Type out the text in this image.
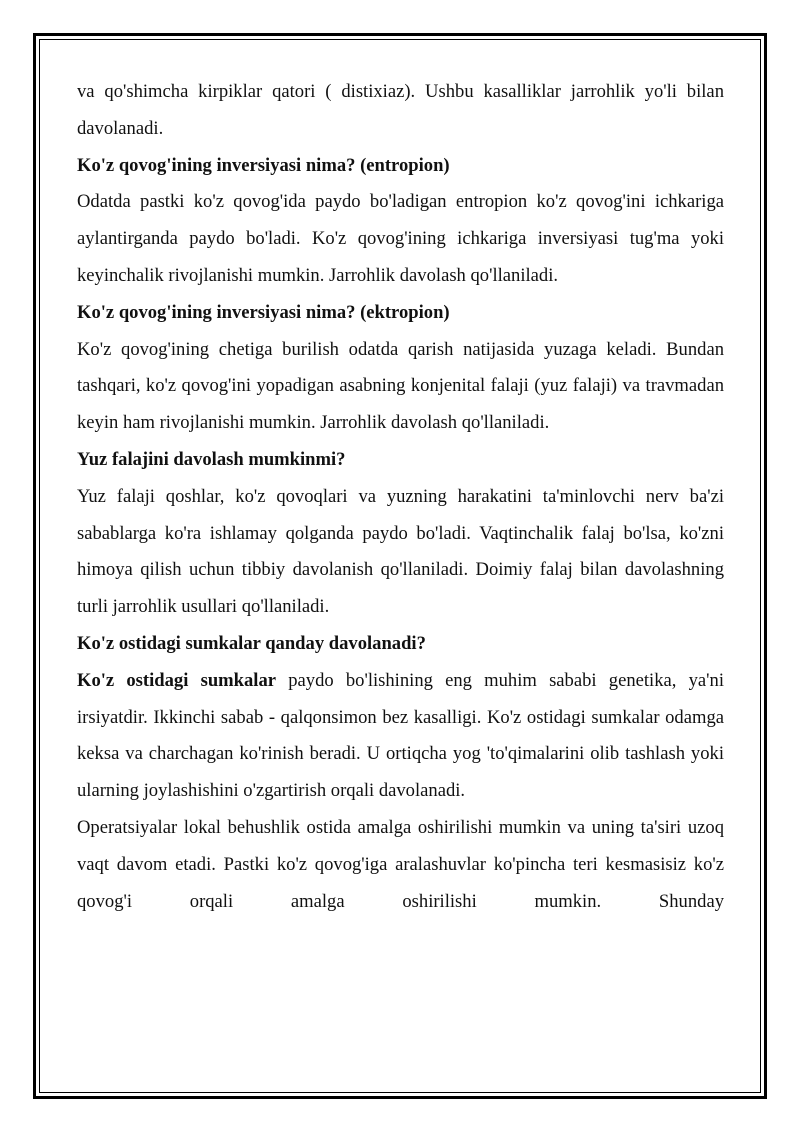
va qo'shimcha kirpiklar qatori ( distixiaz). Ushbu kasalliklar jarrohlik yo'li bilan davolanadi.

Ko'z qovog'ining inversiyasi nima? (entropion)

Odatda pastki ko'z qovog'ida paydo bo'ladigan entropion ko'z qovog'ini ichkariga aylantirganda paydo bo'ladi. Ko'z qovog'ining ichkariga inversiyasi tug'ma yoki keyinchalik rivojlanishi mumkin. Jarrohlik davolash qo'llaniladi.

Ko'z qovog'ining inversiyasi nima? (ektropion)

Ko'z qovog'ining chetiga burilish odatda qarish natijasida yuzaga keladi. Bundan tashqari, ko'z qovog'ini yopadigan asabning konjenital falaji (yuz falaji) va travmadan keyin ham rivojlanishi mumkin. Jarrohlik davolash qo'llaniladi.

Yuz falajini davolash mumkinmi?

Yuz falaji qoshlar, ko'z qovoqlari va yuzning harakatini ta'minlovchi nerv ba'zi sabablarga ko'ra ishlamay qolganda paydo bo'ladi. Vaqtinchalik falaj bo'lsa, ko'zni himoya qilish uchun tibbiy davolanish qo'llaniladi. Doimiy falaj bilan davolashning turli jarrohlik usullari qo'llaniladi.

Ko'z ostidagi sumkalar qanday davolanadi?

Ko'z ostidagi sumkalar paydo bo'lishining eng muhim sababi genetika, ya'ni irsiyatdir. Ikkinchi sabab - qalqonsimon bez kasalligi. Ko'z ostidagi sumkalar odamga keksa va charchagan ko'rinish beradi. U ortiqcha yog 'to'qimalarini olib tashlash yoki ularning joylashishini o'zgartirish orqali davolanadi.

Operatsiyalar lokal behushlik ostida amalga oshirilishi mumkin va uning ta'siri uzoq vaqt davom etadi. Pastki ko'z qovog'iga aralashuvlar ko'pincha teri kesmasisiz ko'z qovog'i orqali amalga oshirilishi mumkin. Shunday
